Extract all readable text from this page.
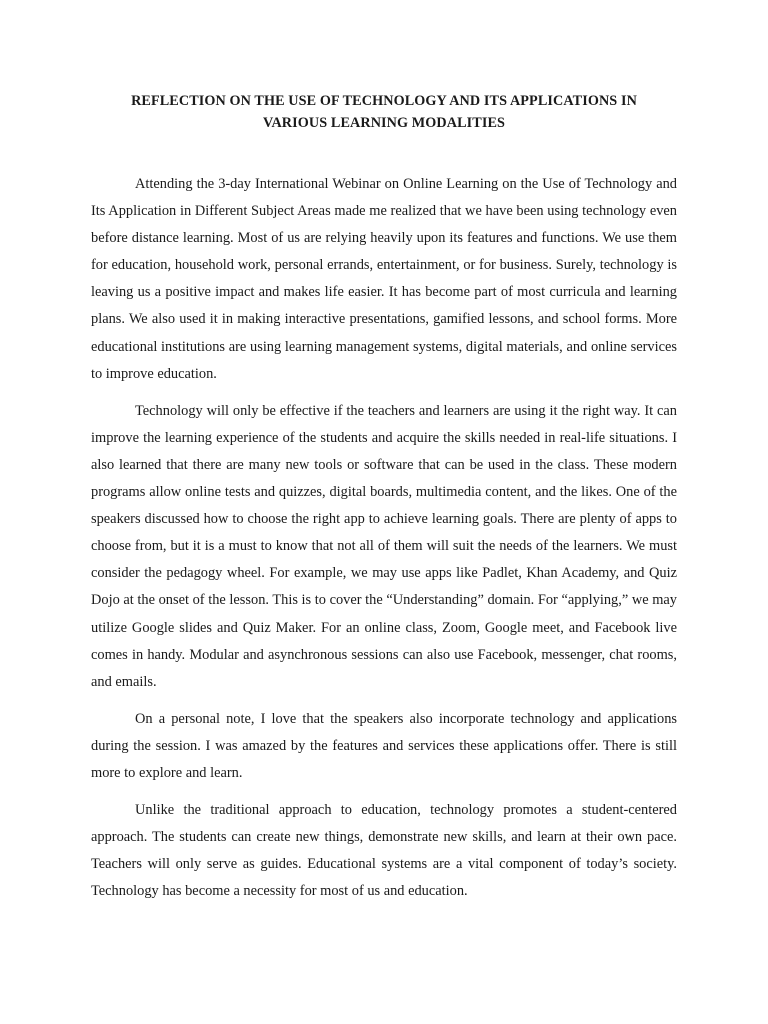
REFLECTION ON THE USE OF TECHNOLOGY AND ITS APPLICATIONS IN
VARIOUS LEARNING MODALITIES

Attending the 3-day International Webinar on Online Learning on the Use of Technology and Its Application in Different Subject Areas made me realized that we have been using technology even before distance learning. Most of us are relying heavily upon its features and functions. We use them for education, household work, personal errands, entertainment, or for business. Surely, technology is leaving us a positive impact and makes life easier. It has become part of most curricula and learning plans. We also used it in making interactive presentations, gamified lessons, and school forms. More educational institutions are using learning management systems, digital materials, and online services to improve education.

Technology will only be effective if the teachers and learners are using it the right way. It can improve the learning experience of the students and acquire the skills needed in real-life situations. I also learned that there are many new tools or software that can be used in the class. These modern programs allow online tests and quizzes, digital boards, multimedia content, and the likes. One of the speakers discussed how to choose the right app to achieve learning goals. There are plenty of apps to choose from, but it is a must to know that not all of them will suit the needs of the learners. We must consider the pedagogy wheel. For example, we may use apps like Padlet, Khan Academy, and Quiz Dojo at the onset of the lesson. This is to cover the “Understanding” domain. For “applying,” we may utilize Google slides and Quiz Maker. For an online class, Zoom, Google meet, and Facebook live comes in handy. Modular and asynchronous sessions can also use Facebook, messenger, chat rooms, and emails.

On a personal note, I love that the speakers also incorporate technology and applications during the session. I was amazed by the features and services these applications offer. There is still more to explore and learn.

Unlike the traditional approach to education, technology promotes a student-centered approach. The students can create new things, demonstrate new skills, and learn at their own pace. Teachers will only serve as guides. Educational systems are a vital component of today’s society. Technology has become a necessity for most of us and education.
